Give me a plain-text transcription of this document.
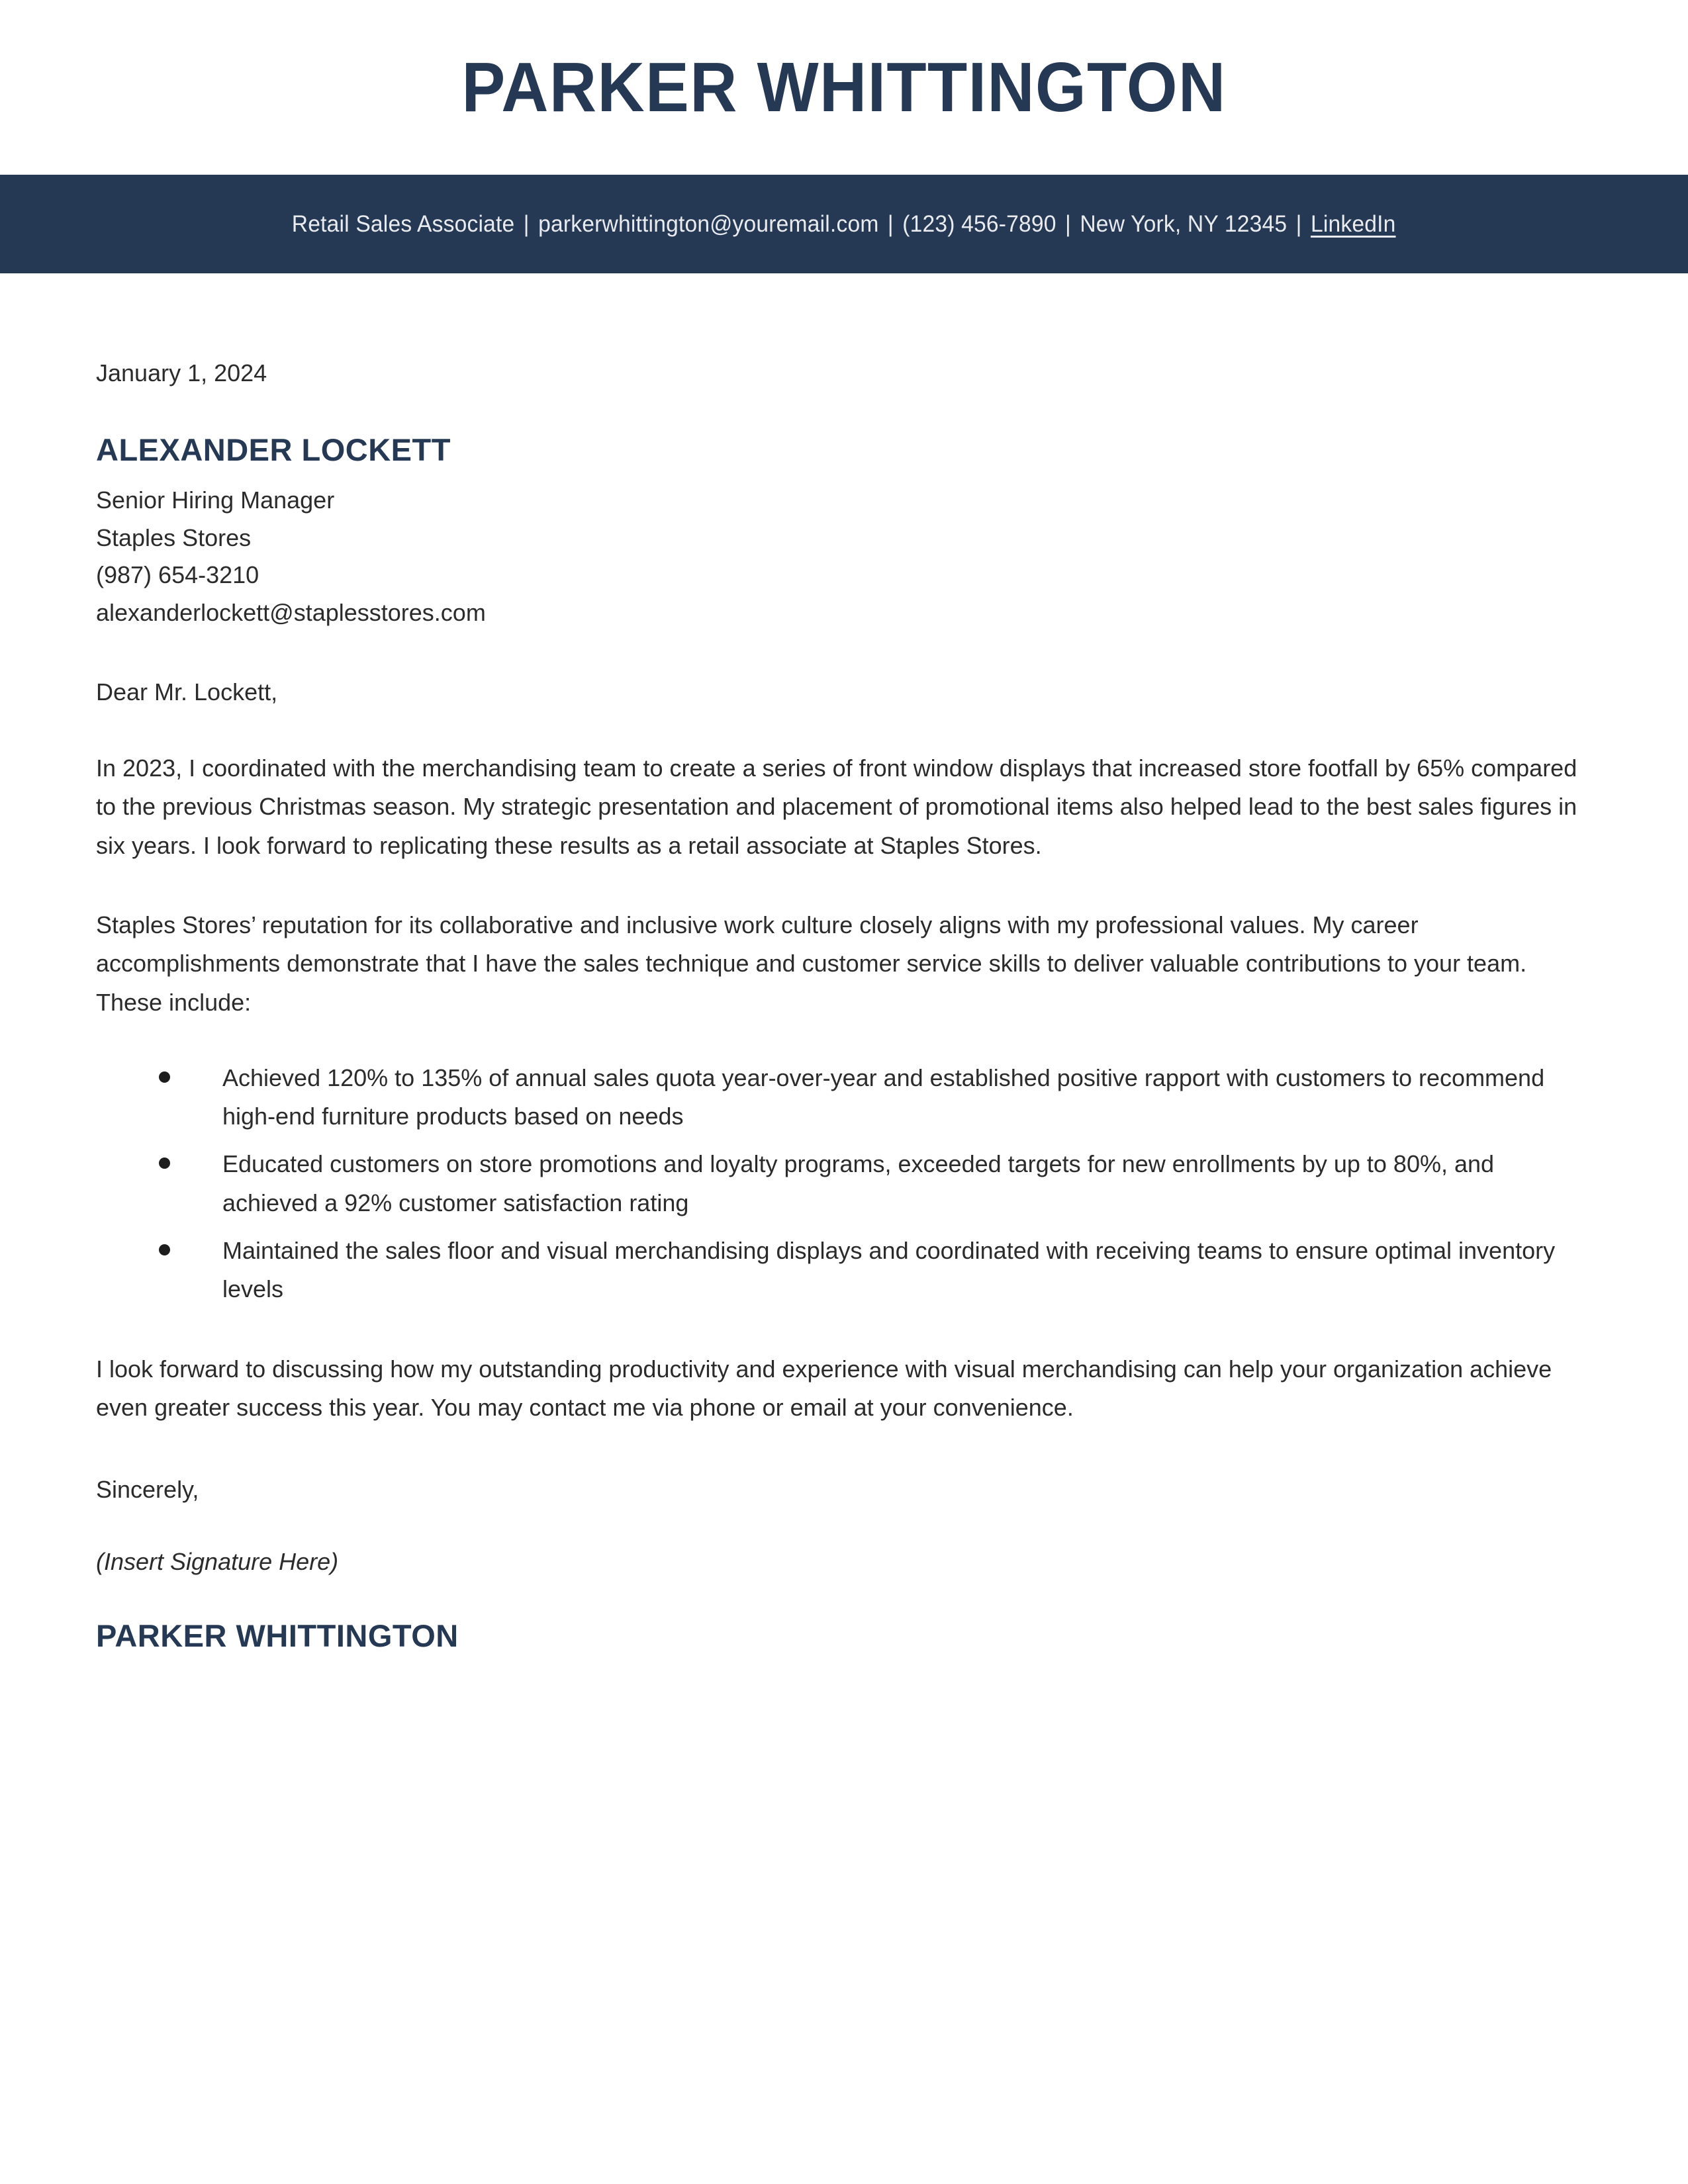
PARKER WHITTINGTON
Retail Sales Associate | parkerwhittington@youremail.com | (123) 456-7890 | New York, NY 12345 | LinkedIn
January 1, 2024
ALEXANDER LOCKETT
Senior Hiring Manager
Staples Stores
(987) 654-3210
alexanderlockett@staplesstores.com
Dear Mr. Lockett,

In 2023, I coordinated with the merchandising team to create a series of front window displays that increased store footfall by 65% compared to the previous Christmas season. My strategic presentation and placement of promotional items also helped lead to the best sales figures in six years. I look forward to replicating these results as a retail associate at Staples Stores.

Staples Stores’ reputation for its collaborative and inclusive work culture closely aligns with my professional values. My career accomplishments demonstrate that I have the sales technique and customer service skills to deliver valuable contributions to your team. These include:

Achieved 120% to 135% of annual sales quota year-over-year and established positive rapport with customers to recommend high-end furniture products based on needs
Educated customers on store promotions and loyalty programs, exceeded targets for new enrollments by up to 80%, and achieved a 92% customer satisfaction rating
Maintained the sales floor and visual merchandising displays and coordinated with receiving teams to ensure optimal inventory levels

I look forward to discussing how my outstanding productivity and experience with visual merchandising can help your organization achieve even greater success this year. You may contact me via phone or email at your convenience.

Sincerely,
(Insert Signature Here)
PARKER WHITTINGTON
